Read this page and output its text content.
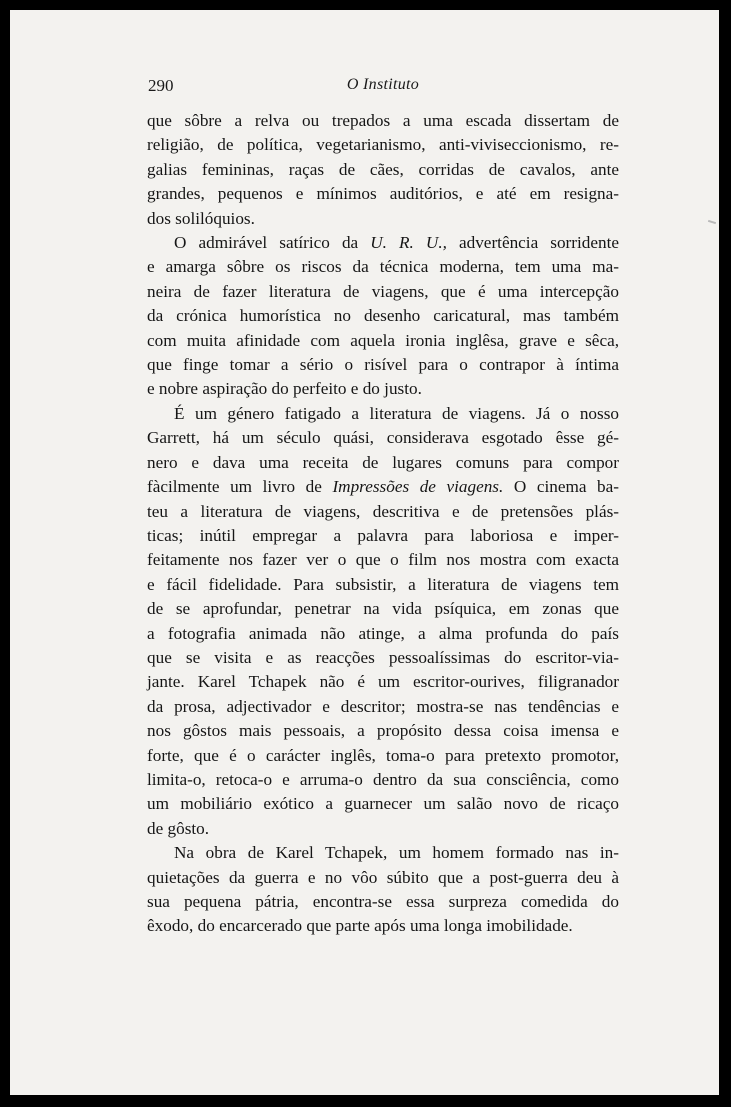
290	O Instituto
que sôbre a relva ou trepados a uma escada dissertam de
religião, de política, vegetarianismo, anti-viviseccionismo, re-
galias femininas, raças de cães, corridas de cavalos, ante
grandes, pequenos e mínimos auditórios, e até em resigna-
dos solilóquios.
O admirável satírico da U. R. U., advertência sorridente
e amarga sôbre os riscos da técnica moderna, tem uma ma-
neira de fazer literatura de viagens, que é uma intercepção
da crónica humorística no desenho caricatural, mas também
com muita afinidade com aquela ironia inglêsa, grave e sêca,
que finge tomar a sério o risível para o contrapor à íntima
e nobre aspiração do perfeito e do justo.
É um género fatigado a literatura de viagens. Já o nosso
Garrett, há um século quási, considerava esgotado êsse gé-
nero e dava uma receita de lugares comuns para compor
fàcilmente um livro de Impressões de viagens. O cinema ba-
teu a literatura de viagens, descritiva e de pretensões plás-
ticas; inútil empregar a palavra para laboriosa e imper-
feitamente nos fazer ver o que o film nos mostra com exacta
e fácil fidelidade. Para subsistir, a literatura de viagens tem
de se aprofundar, penetrar na vida psíquica, em zonas que
a fotografia animada não atinge, a alma profunda do país
que se visita e as reacções pessoalíssimas do escritor-via-
jante. Karel Tchapek não é um escritor-ourives, filigranador
da prosa, adjectivador e descritor; mostra-se nas tendências e
nos gôstos mais pessoais, a propósito dessa coisa imensa e
forte, que é o carácter inglês, toma-o para pretexto promotor,
limita-o, retoca-o e arruma-o dentro da sua consciência, como
um mobiliário exótico a guarnecer um salão novo de ricaço
de gôsto.
Na obra de Karel Tchapek, um homem formado nas in-
quietações da guerra e no vôo súbito que a post-guerra deu à
sua pequena pátria, encontra-se essa surpreza comedida do
êxodo, do encarcerado que parte após uma longa imobilidade.
